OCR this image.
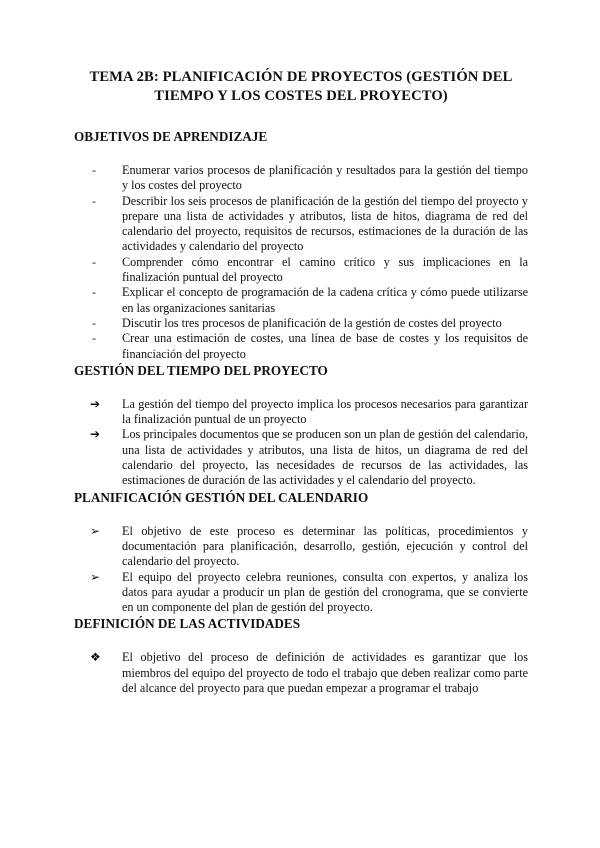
TEMA 2B: PLANIFICACIÓN DE PROYECTOS (GESTIÓN DEL TIEMPO Y LOS COSTES DEL PROYECTO)
OBJETIVOS DE APRENDIZAJE
-	Enumerar varios procesos de planificación y resultados para la gestión del tiempo y los costes del proyecto
-	Describir los seis procesos de planificación de la gestión del tiempo del proyecto y prepare una lista de actividades y atributos, lista de hitos, diagrama de red del calendario del proyecto, requisitos de recursos, estimaciones de la duración de las actividades y calendario del proyecto
-	Comprender cómo encontrar el camino crítico y sus implicaciones en la finalización puntual del proyecto
-	Explicar el concepto de programación de la cadena crítica y cómo puede utilizarse en las organizaciones sanitarias
-	Discutir los tres procesos de planificación de la gestión de costes del proyecto
-	Crear una estimación de costes, una línea de base de costes y los requisitos de financiación del proyecto
GESTIÓN DEL TIEMPO DEL PROYECTO
➔	La gestión del tiempo del proyecto implica los procesos necesarios para garantizar la finalización puntual de un proyecto
➔	Los principales documentos que se producen son un plan de gestión del calendario, una lista de actividades y atributos, una lista de hitos, un diagrama de red del calendario del proyecto, las necesidades de recursos de las actividades, las estimaciones de duración de las actividades y el calendario del proyecto.
PLANIFICACIÓN GESTIÓN DEL CALENDARIO
➢	El objetivo de este proceso es determinar las políticas, procedimientos y documentación para planificación, desarrollo, gestión, ejecución y control del calendario del proyecto.
➢	El equipo del proyecto celebra reuniones, consulta con expertos, y analiza los datos para ayudar a producir un plan de gestión del cronograma, que se convierte en un componente del plan de gestión del proyecto.
DEFINICIÓN DE LAS ACTIVIDADES
❖	El objetivo del proceso de definición de actividades es garantizar que los miembros del equipo del proyecto de todo el trabajo que deben realizar como parte del alcance del proyecto para que puedan empezar a programar el trabajo
